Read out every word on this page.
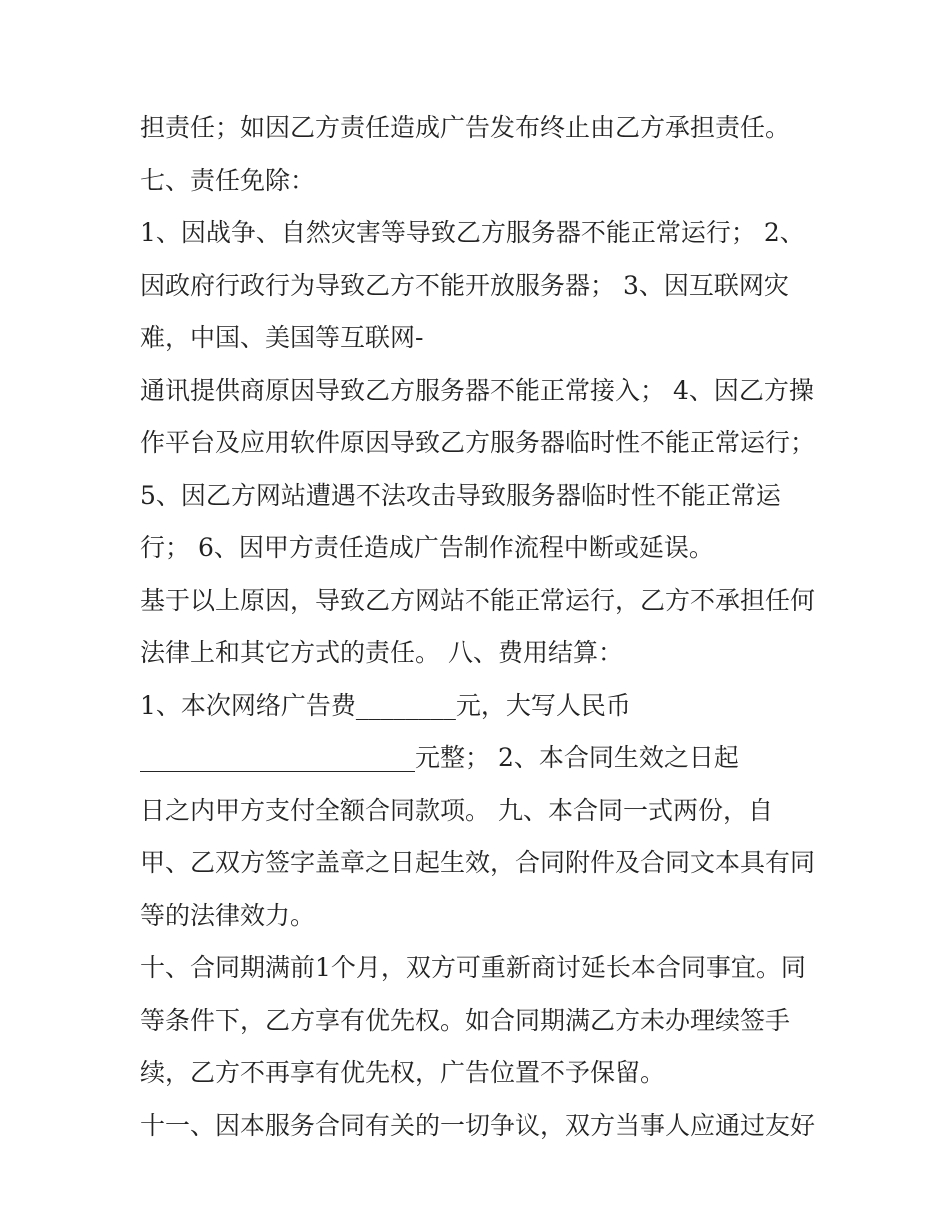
担责任；如因乙方责任造成广告发布终止由乙方承担责任。
七、责任免除：
1、因战争、自然灾害等导致乙方服务器不能正常运行； 2、
因政府行政行为导致乙方不能开放服务器； 3、因互联网灾
难，中国、美国等互联网-
通讯提供商原因导致乙方服务器不能正常接入； 4、因乙方操
作平台及应用软件原因导致乙方服务器临时性不能正常运行；
5、因乙方网站遭遇不法攻击导致服务器临时性不能正常运
行； 6、因甲方责任造成广告制作流程中断或延误。
基于以上原因，导致乙方网站不能正常运行，乙方不承担任何
法律上和其它方式的责任。 八、费用结算：
1、本次网络广告费________元，大写人民币
______________________元整； 2、本合同生效之日起
日之内甲方支付全额合同款项。 九、本合同一式两份，自
甲、乙双方签字盖章之日起生效，合同附件及合同文本具有同
等的法律效力。
十、合同期满前1个月，双方可重新商讨延长本合同事宜。同
等条件下，乙方享有优先权。如合同期满乙方未办理续签手
续，乙方不再享有优先权，广告位置不予保留。
十一、因本服务合同有关的一切争议，双方当事人应通过友好
